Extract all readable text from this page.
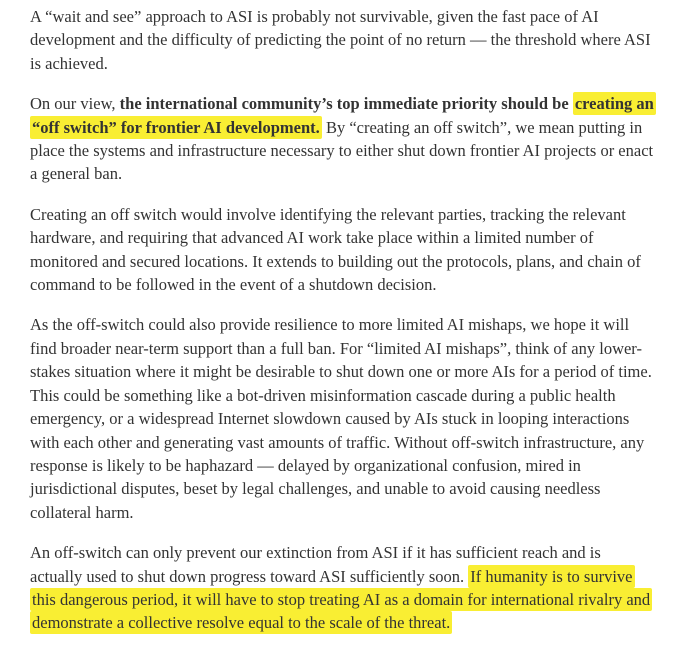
A “wait and see” approach to ASI is probably not survivable, given the fast pace of AI development and the difficulty of predicting the point of no return — the threshold where ASI is achieved.

On our view, the international community’s top immediate priority should be creating an “off switch” for frontier AI development. By “creating an off switch”, we mean putting in place the systems and infrastructure necessary to either shut down frontier AI projects or enact a general ban.

Creating an off switch would involve identifying the relevant parties, tracking the relevant hardware, and requiring that advanced AI work take place within a limited number of monitored and secured locations. It extends to building out the protocols, plans, and chain of command to be followed in the event of a shutdown decision.

As the off-switch could also provide resilience to more limited AI mishaps, we hope it will find broader near-term support than a full ban. For “limited AI mishaps”, think of any lower-stakes situation where it might be desirable to shut down one or more AIs for a period of time. This could be something like a bot-driven misinformation cascade during a public health emergency, or a widespread Internet slowdown caused by AIs stuck in looping interactions with each other and generating vast amounts of traffic. Without off-switch infrastructure, any response is likely to be haphazard — delayed by organizational confusion, mired in jurisdictional disputes, beset by legal challenges, and unable to avoid causing needless collateral harm.

An off-switch can only prevent our extinction from ASI if it has sufficient reach and is actually used to shut down progress toward ASI sufficiently soon. If humanity is to survive this dangerous period, it will have to stop treating AI as a domain for international rivalry and demonstrate a collective resolve equal to the scale of the threat.
